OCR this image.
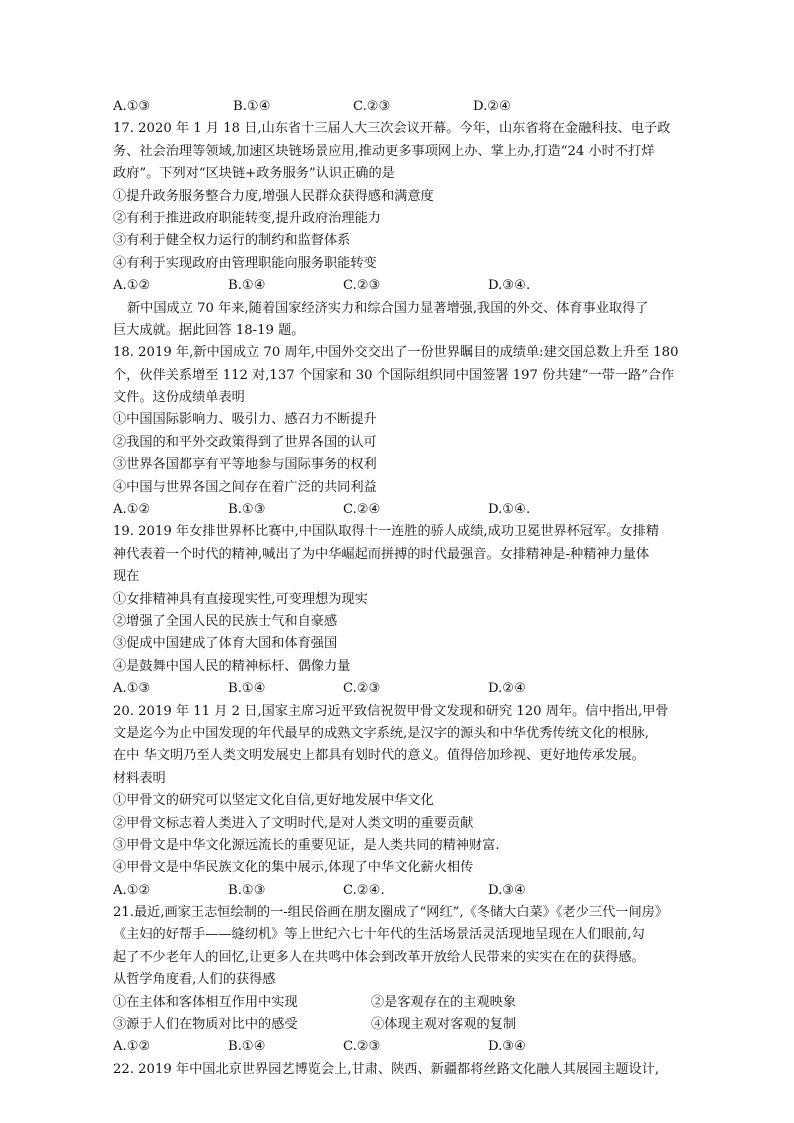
A.①③	B.①④	C.②③	D.②④
17. 2020 年 1 月 18 日,山东省十三届人大三次会议开幕。今年，山东省将在金融科技、电子政
务、社会治理等领域,加速区块链场景应用,推动更多事项网上办、掌上办,打造“24 小时不打烊
政府”。下列对“区块链+政务服务”认识正确的是
①提升政务服务整合力度,增强人民群众获得感和满意度
②有利于推进政府职能转变,提升政府治理能力
③有利于健全权力运行的制约和监督体系
④有利于实现政府由管理职能向服务职能转变
A.①②	B.①④	C.②③	D.③④.
新中国成立 70 年来,随着国家经济实力和综合国力显著增强,我国的外交、体育事业取得了
巨大成就。据此回答 18-19 题。
18. 2019 年,新中国成立 70 周年,中国外交交出了一份世界瞩目的成绩单:建交国总数上升至 180
个，伙伴关系增至 112 对,137 个国家和 30 个国际组织同中国签署 197 份共建“一带一路”合作
文件。这份成绩单表明
①中国国际影响力、吸引力、感召力不断提升
②我国的和平外交政策得到了世界各国的认可
③世界各国都享有平等地参与国际事务的权利
④中国与世界各国之间存在着广泛的共同利益
A.①②	B.①③	C.②④	D.①④.
19. 2019 年女排世界杯比赛中,中国队取得十一连胜的骄人成绩,成功卫冕世界杯冠军。女排精
神代表着一个时代的精神,喊出了为中华崛起而拼搏的时代最强音。女排精神是-种精神力量体
现在
①女排精神具有直接现实性,可变理想为现实
②增强了全国人民的民族士气和自豪感
③促成中国建成了体育大国和体育强国
④是鼓舞中国人民的精神标杆、偶像力量
A.①③	B.①④	C.②③	D.②④
20. 2019 年 11 月 2 日,国家主席习近平致信祝贺甲骨文发现和研究 120 周年。信中指出,甲骨
文是迄今为止中国发现的年代最早的成熟文字系统,是汉字的源头和中华优秀传统文化的根脉,
在中 华文明乃至人类文明发展史上都具有划时代的意义。值得倍加珍视、更好地传承发展。
材料表明
①甲骨文的研究可以坚定文化自信,更好地发展中华文化
②甲骨文标志着人类进入了文明时代,是对人类文明的重要贡献
③甲骨文是中华文化源远流长的重要见证，是人类共同的精神财富.
④甲骨文是中华民族文化的集中展示,体现了中华文化薪火相传
A.①②	B.①③	C.②④.	D.③④
21.最近,画家王志恒绘制的一-组民俗画在朋友圈成了“网红”,《冬储大白菜》《老少三代一间房》
《主妇的好帮手——缝纫机》等上世纪六七十年代的生活场景活灵活现地呈现在人们眼前,勾
起了不少老年人的回忆,让更多人在共鸣中体会到改革开放给人民带来的实实在在的获得感。
从哲学角度看,人们的获得感
①在主体和客体相互作用中实现	②是客观存在的主观映象
③源于人们在物质对比中的感受	④体现主观对客观的复制
A.①②	B.①④	C.②③	D.③④
22. 2019 年中国北京世界园艺博览会上,甘肃、陕西、新疆都将丝路文化融人其展园主题设计,
